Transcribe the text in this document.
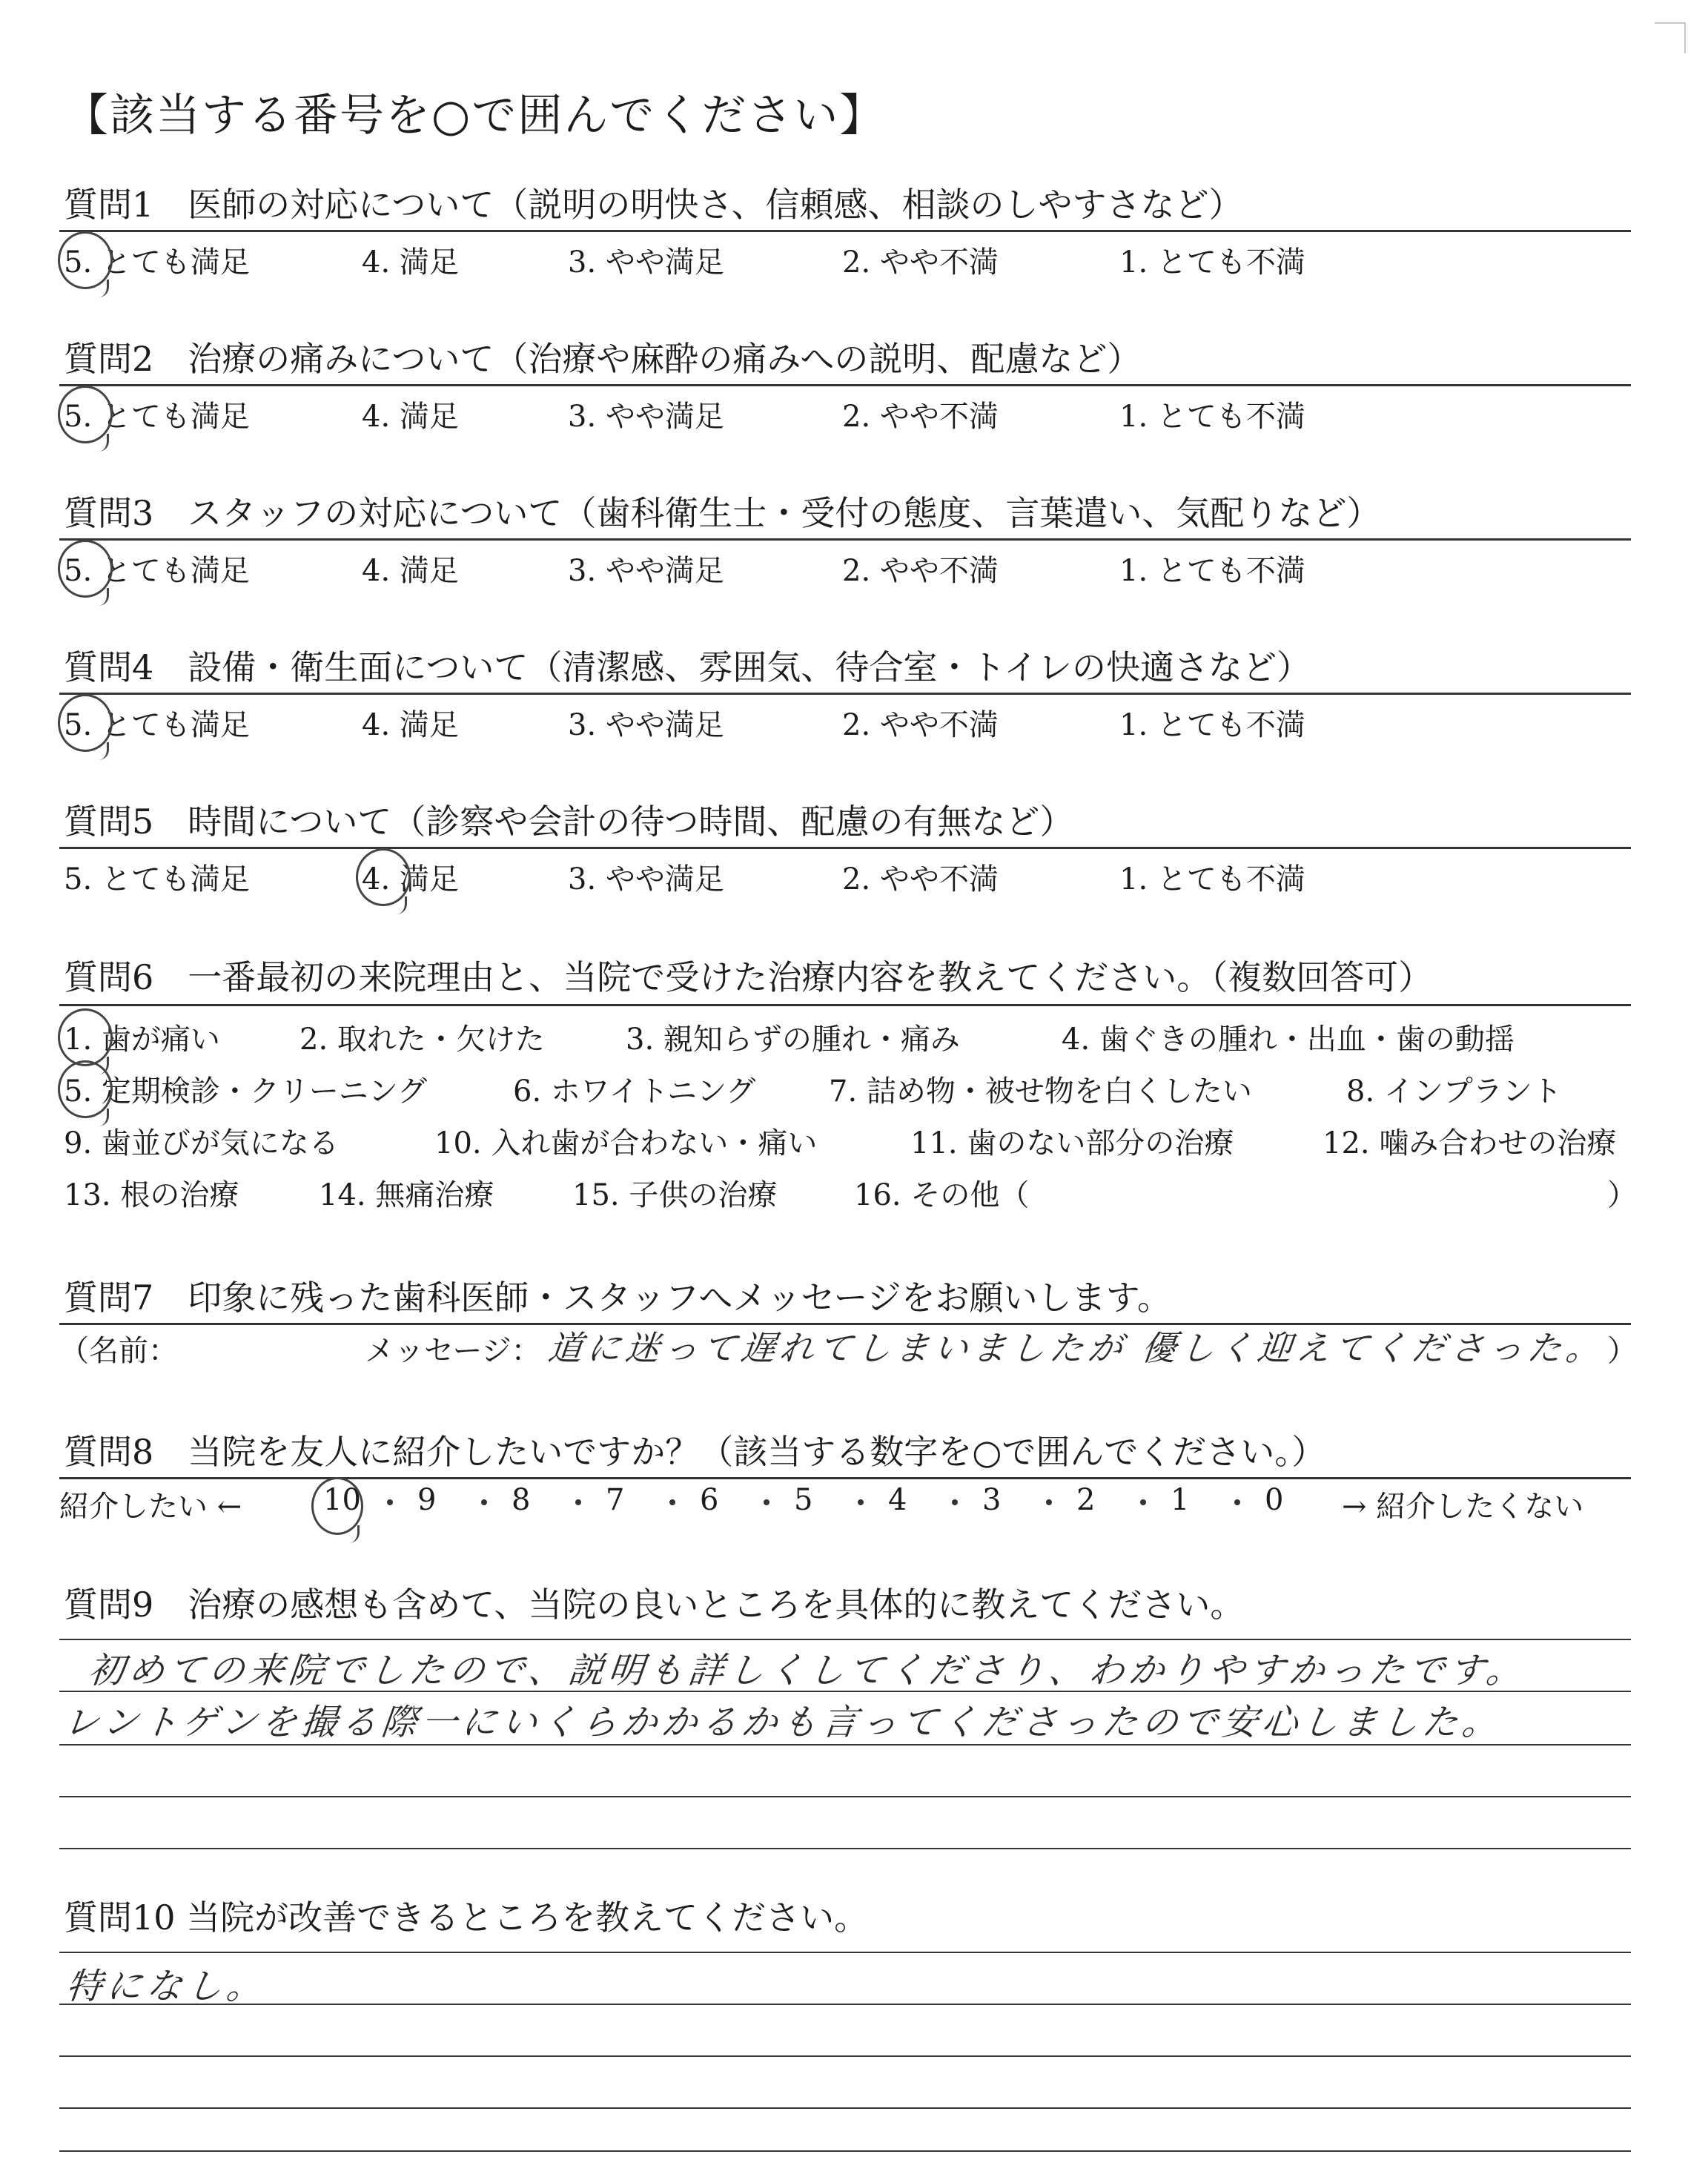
【該当する番号を○で囲んでください】
質問1　医師の対応について（説明の明快さ、信頼感、相談のしやすさなど）
5. とても満足	4. 満足	3. やや満足	2. やや不満	1. とても不満
質問2　治療の痛みについて（治療や麻酔の痛みへの説明、配慮など）
5. とても満足	4. 満足	3. やや満足	2. やや不満	1. とても不満
質問3　スタッフの対応について（歯科衛生士・受付の態度、言葉遣い、気配りなど）
5. とても満足	4. 満足	3. やや満足	2. やや不満	1. とても不満
質問4　設備・衛生面について（清潔感、雰囲気、待合室・トイレの快適さなど）
5. とても満足	4. 満足	3. やや満足	2. やや不満	1. とても不満
質問5　時間について（診察や会計の待つ時間、配慮の有無など）
5. とても満足	4. 満足	3. やや満足	2. やや不満	1. とても不満
質問6　一番最初の来院理由と、当院で受けた治療内容を教えてください。（複数回答可）
1. 歯が痛い	2. 取れた・欠けた	3. 親知らずの腫れ・痛み	4. 歯ぐきの腫れ・出血・歯の動揺
5. 定期検診・クリーニング	6. ホワイトニング 7. 詰め物・被せ物を白くしたい	8. インプラント
9. 歯並びが気になる	10. 入れ歯が合わない・痛い	11. 歯のない部分の治療	12. 噛み合わせの治療
13. 根の治療	14. 無痛治療	15. 子供の治療	16. その他（	）
質問7　印象に残った歯科医師・スタッフへメッセージをお願いします。
（名前：	メッセージ： 道に迷って遅れてしまいましたが 優しく迎えてくださった。 ）
質問8　当院を友人に紹介したいですか？（該当する数字を○で囲んでください。）
紹介したい ←	10 9	8	7	6	5	4	3	2	1	0 → 紹介したくない
質問9　治療の感想も含めて、当院の良いところを具体的に教えてください。
初めての来院でしたので、説明も詳しくしてくださり、わかりやすかったです。
レントゲンを撮る際一にいくらかかるかも言ってくださったので安心しました。
質問10 当院が改善できるところを教えてください。
特になし。
